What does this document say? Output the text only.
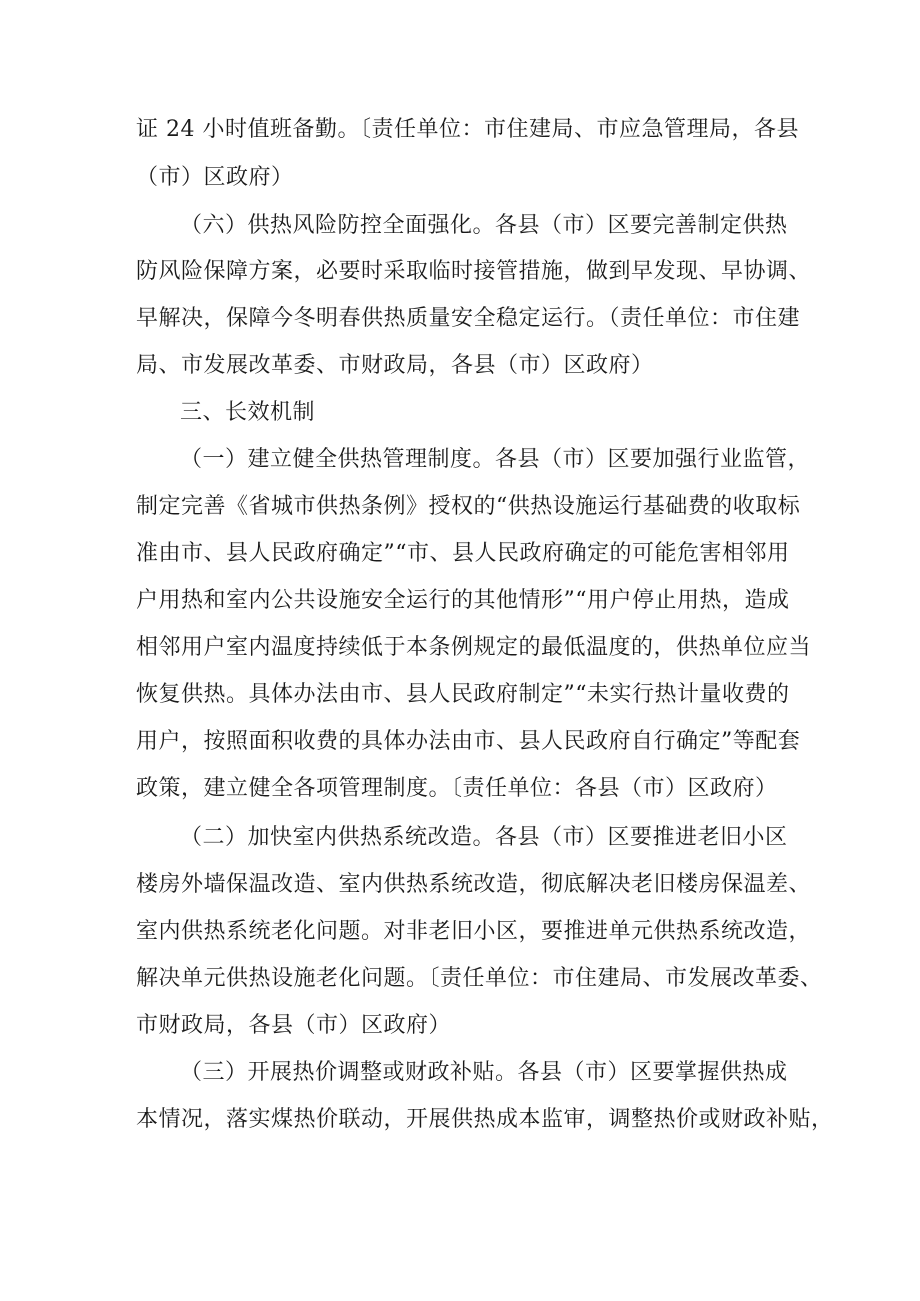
证 24 小时值班备勤。〔责任单位：市住建局、市应急管理局，各县
（市）区政府）
（六）供热风险防控全面强化。各县（市）区要完善制定供热
防风险保障方案，必要时采取临时接管措施，做到早发现、早协调、
早解决，保障今冬明春供热质量安全稳定运行。（责任单位：市住建
局、市发展改革委、市财政局，各县（市）区政府）
三、长效机制
（一）建立健全供热管理制度。各县（市）区要加强行业监管，
制定完善《省城市供热条例》授权的“供热设施运行基础费的收取标
准由市、县人民政府确定”“市、县人民政府确定的可能危害相邻用
户用热和室内公共设施安全运行的其他情形”“用户停止用热，造成
相邻用户室内温度持续低于本条例规定的最低温度的，供热单位应当
恢复供热。具体办法由市、县人民政府制定”“未实行热计量收费的
用户，按照面积收费的具体办法由市、县人民政府自行确定”等配套
政策，建立健全各项管理制度。〔责任单位：各县（市）区政府）
（二）加快室内供热系统改造。各县（市）区要推进老旧小区
楼房外墙保温改造、室内供热系统改造，彻底解决老旧楼房保温差、
室内供热系统老化问题。对非老旧小区，要推进单元供热系统改造，
解决单元供热设施老化问题。〔责任单位：市住建局、市发展改革委、
市财政局，各县（市）区政府）
（三）开展热价调整或财政补贴。各县（市）区要掌握供热成
本情况，落实煤热价联动，开展供热成本监审，调整热价或财政补贴，
